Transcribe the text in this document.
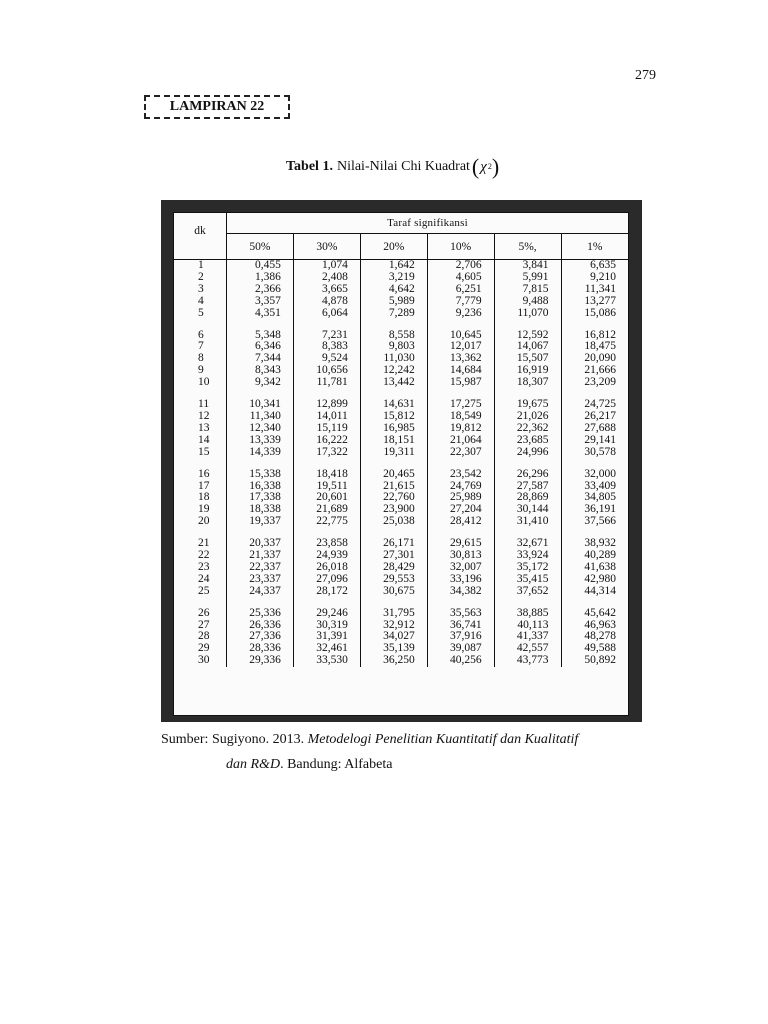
279
LAMPIRAN 22
Tabel 1. Nilai-Nilai Chi Kuadrat ( χ 2 )
dk	Taraf signifikansi					
	50%	30%	20%	10%	5%,	1%
1	0,455	1,074	1,642	2,706	3,841	6,635
2	1,386	2,408	3,219	4,605	5,991	9,210
3	2,366	3,665	4,642	6,251	7,815	11,341
4	3,357	4,878	5,989	7,779	9,488	13,277
5	4,351	6,064	7,289	9,236	11,070	15,086
6	5,348	7,231	8,558	10,645	12,592	16,812
7	6,346	8,383	9,803	12,017	14,067	18,475
8	7,344	9,524	11,030	13,362	15,507	20,090
9	8,343	10,656	12,242	14,684	16,919	21,666
10	9,342	11,781	13,442	15,987	18,307	23,209
11	10,341	12,899	14,631	17,275	19,675	24,725
12	11,340	14,011	15,812	18,549	21,026	26,217
13	12,340	15,119	16,985	19,812	22,362	27,688
14	13,339	16,222	18,151	21,064	23,685	29,141
15	14,339	17,322	19,311	22,307	24,996	30,578
16	15,338	18,418	20,465	23,542	26,296	32,000
17	16,338	19,511	21,615	24,769	27,587	33,409
18	17,338	20,601	22,760	25,989	28,869	34,805
19	18,338	21,689	23,900	27,204	30,144	36,191
20	19,337	22,775	25,038	28,412	31,410	37,566
21	20,337	23,858	26,171	29,615	32,671	38,932
22	21,337	24,939	27,301	30,813	33,924	40,289
23	22,337	26,018	28,429	32,007	35,172	41,638
24	23,337	27,096	29,553	33,196	35,415	42,980
25	24,337	28,172	30,675	34,382	37,652	44,314
26	25,336	29,246	31,795	35,563	38,885	45,642
27	26,336	30,319	32,912	36,741	40,113	46,963
28	27,336	31,391	34,027	37,916	41,337	48,278
29	28,336	32,461	35,139	39,087	42,557	49,588
30	29,336	33,530	36,250	40,256	43,773	50,892
Sumber: Sugiyono. 2013. Metodelogi Penelitian Kuantitatif dan Kualitatif
dan R&D. Bandung: Alfabeta
